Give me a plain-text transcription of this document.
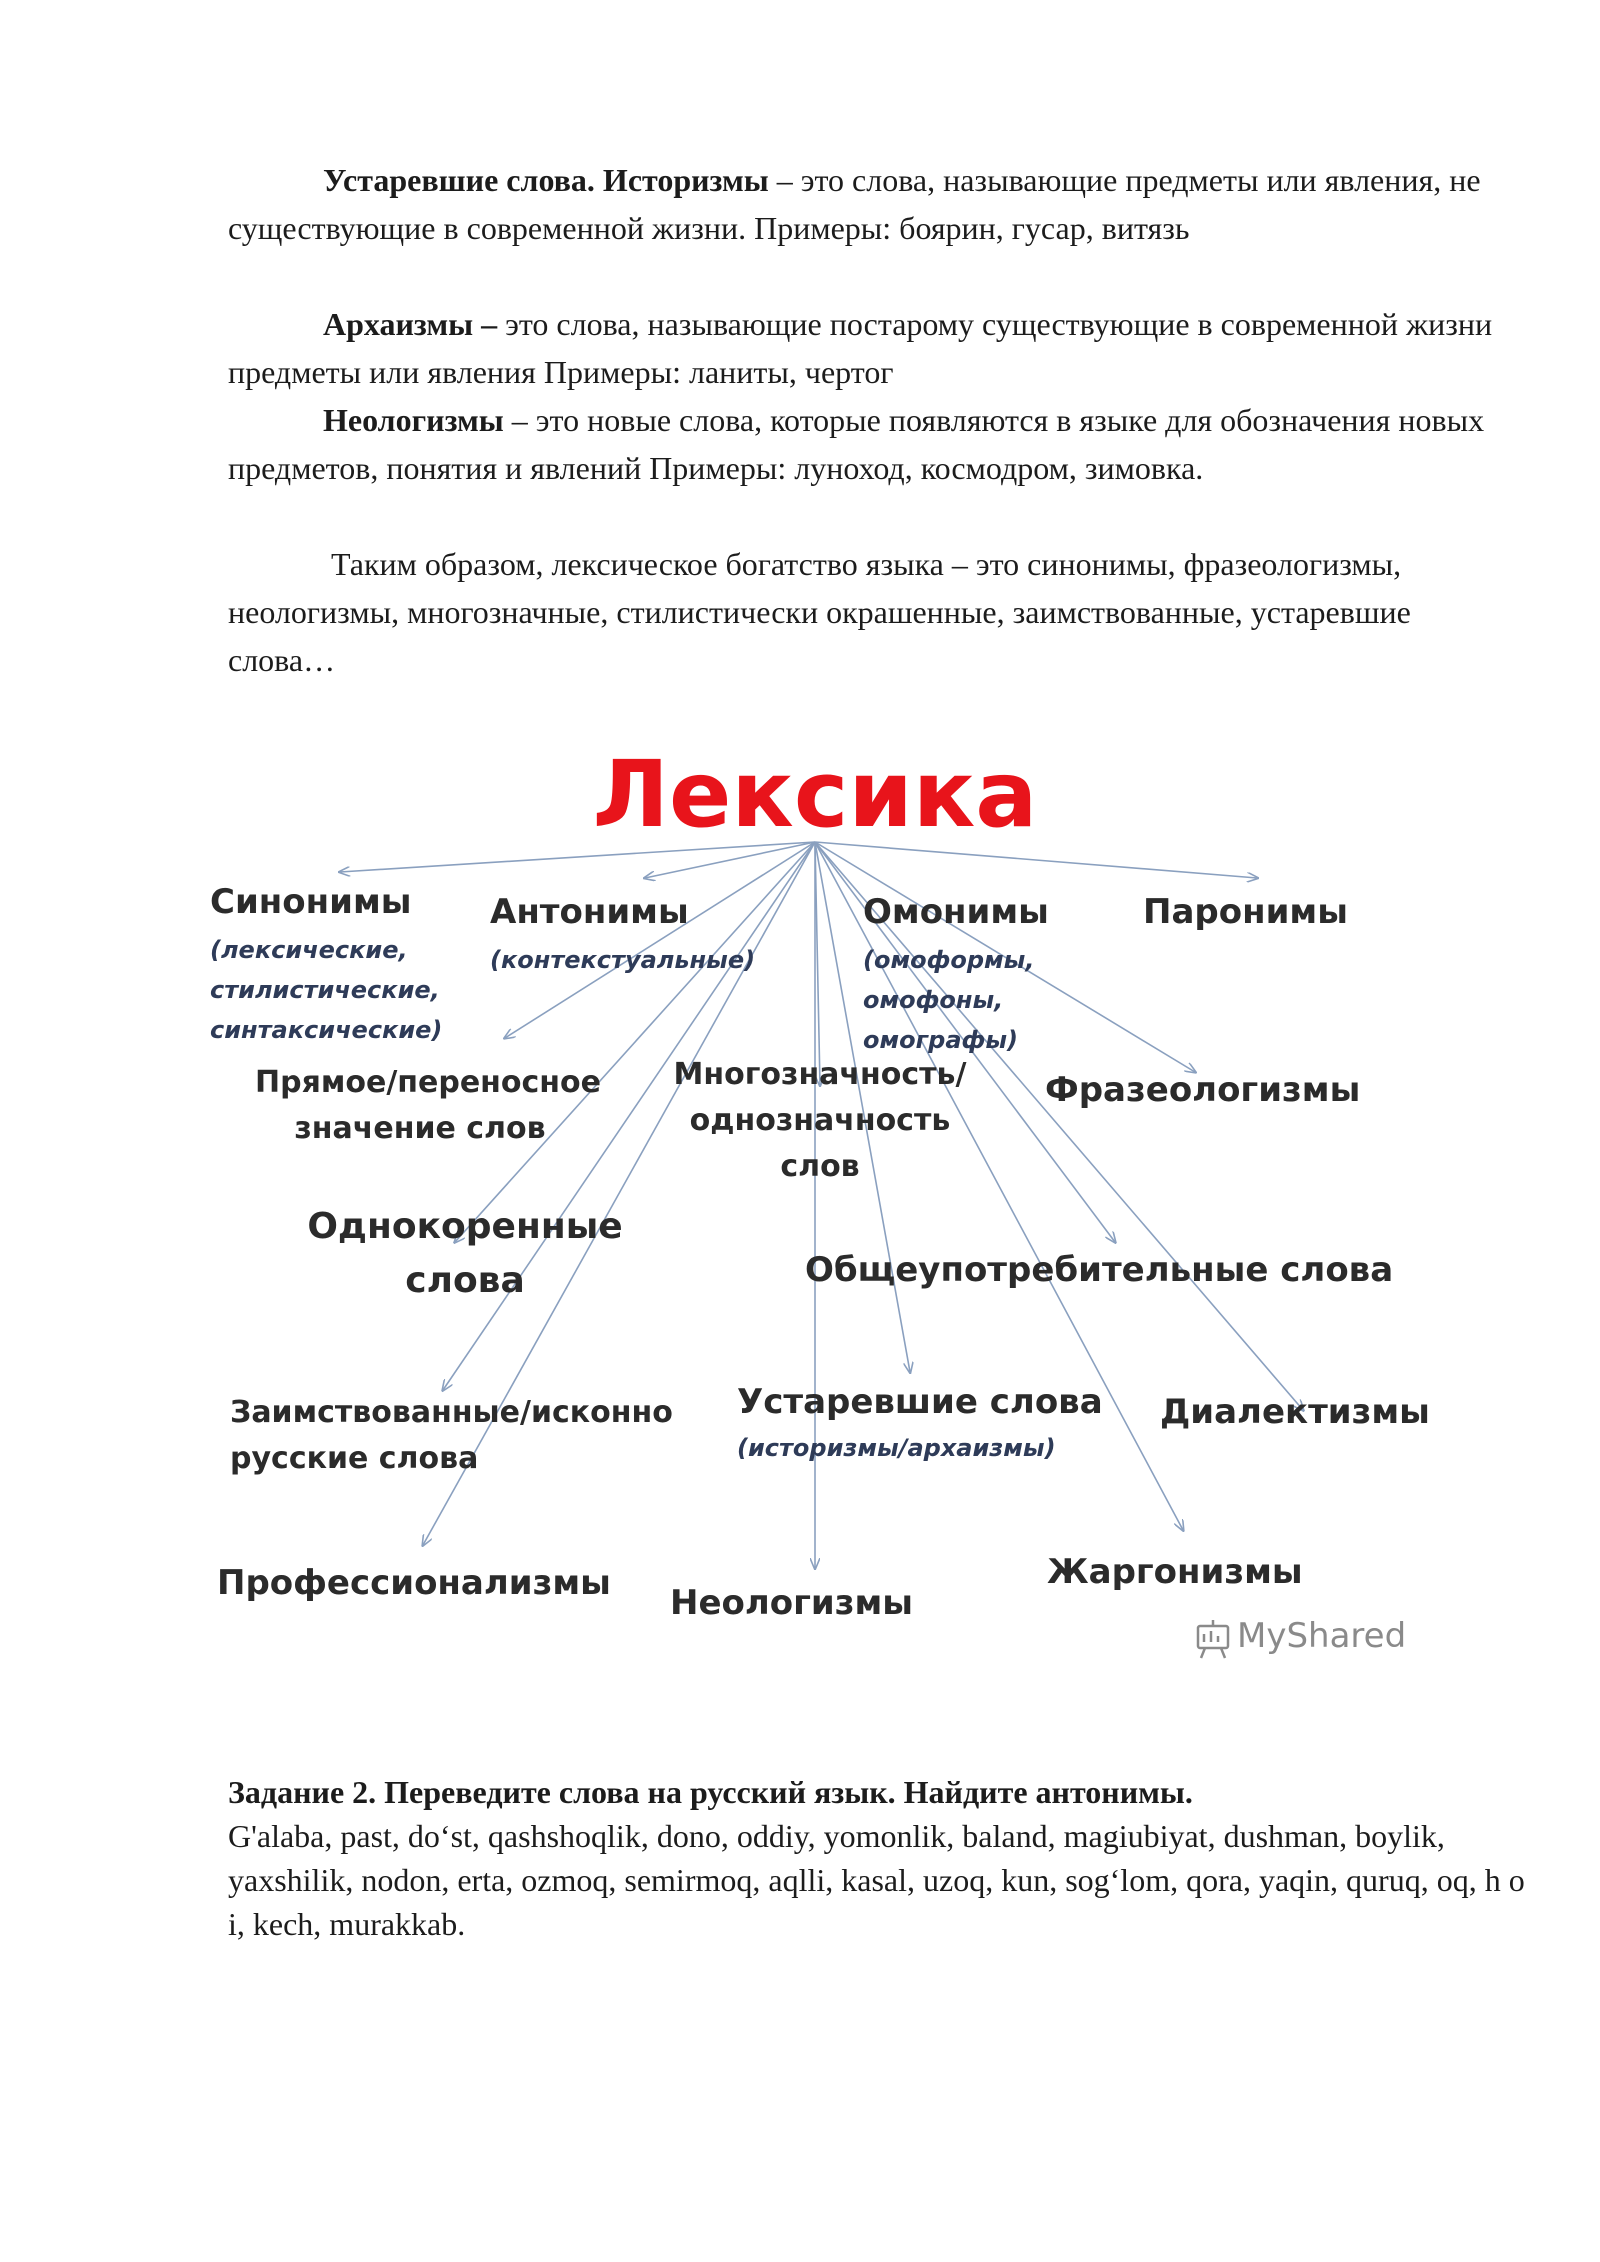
Устаревшие слова. Историзмы – это слова, называющие предметы или явления, не существующие в современной жизни. Примеры: боярин, гусар, витязь

Архаизмы – это слова, называющие постарому существующие в современной жизни предметы или явления Примеры: ланиты, чертог

Неологизмы – это новые слова, которые появляются в языке для обозначения новых предметов, понятия и явлений Примеры: луноход, космодром, зимовка.

Таким образом, лексическое богатство языка – это синонимы, фразеологизмы, неологизмы, многозначные, стилистически окрашенные, заимствованные, устаревшие слова…

Лексика
Синонимы
(лексические,
стилистические,
синтаксические)
Антонимы
(контекстуальные)
Омонимы
(омоформы,
омофоны,
омографы)
Паронимы
Прямое/переносное
значение слов
Многозначность/
однозначность
слов
Фразеологизмы
Однокоренные
слова	Общеупотребительные слова
Заимствованные/исконно
русские слова
Устаревшие слова
(историзмы/архаизмы)
Диалектизмы
Профессионализмы Неологизмы
Жаргонизмы
MyShared
Задание 2. Переведите слова на русский язык. Найдите антонимы.
G'alaba, past, do‘st, qashshoqlik, dono, oddiy, yomonlik, baland, magiubiyat, dushman, boylik, yaxshilik, nodon, erta, ozmoq, semirmoq, aqlli, kasal, uzoq, kun, sog‘lom, qora, yaqin, quruq, oq, h o i, kech, murakkab.
